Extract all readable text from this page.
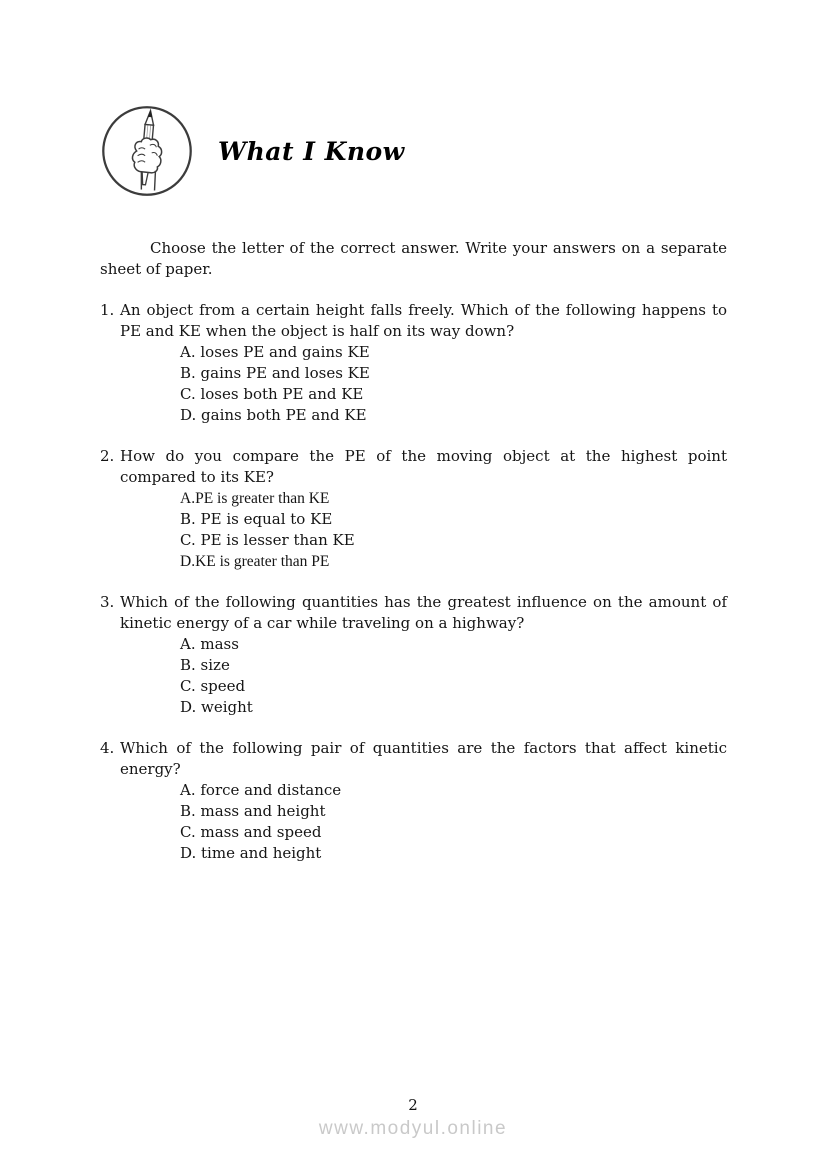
What I Know

Choose the letter of the correct answer. Write your answers on a separate sheet of paper.

1. An object from a certain height falls freely. Which of the following happens to PE and KE when the object is half on its way down?
A. loses PE and gains KE
B. gains PE and loses KE
C. loses both PE and KE
D. gains both PE and KE
2. How do you compare the PE of the moving object at the highest point compared to its KE?
A.PE is greater than KE
B. PE is equal to KE
C. PE is lesser than KE
D.KE is greater than PE
3. Which of the following quantities has the greatest influence on the amount of kinetic energy of a car while traveling on a highway?
A. mass
B. size
C. speed
D. weight
4. Which of the following pair of quantities are the factors that affect kinetic energy?
A. force and distance
B. mass and height
C. mass and speed
D. time and height
2
www.modyul.online
